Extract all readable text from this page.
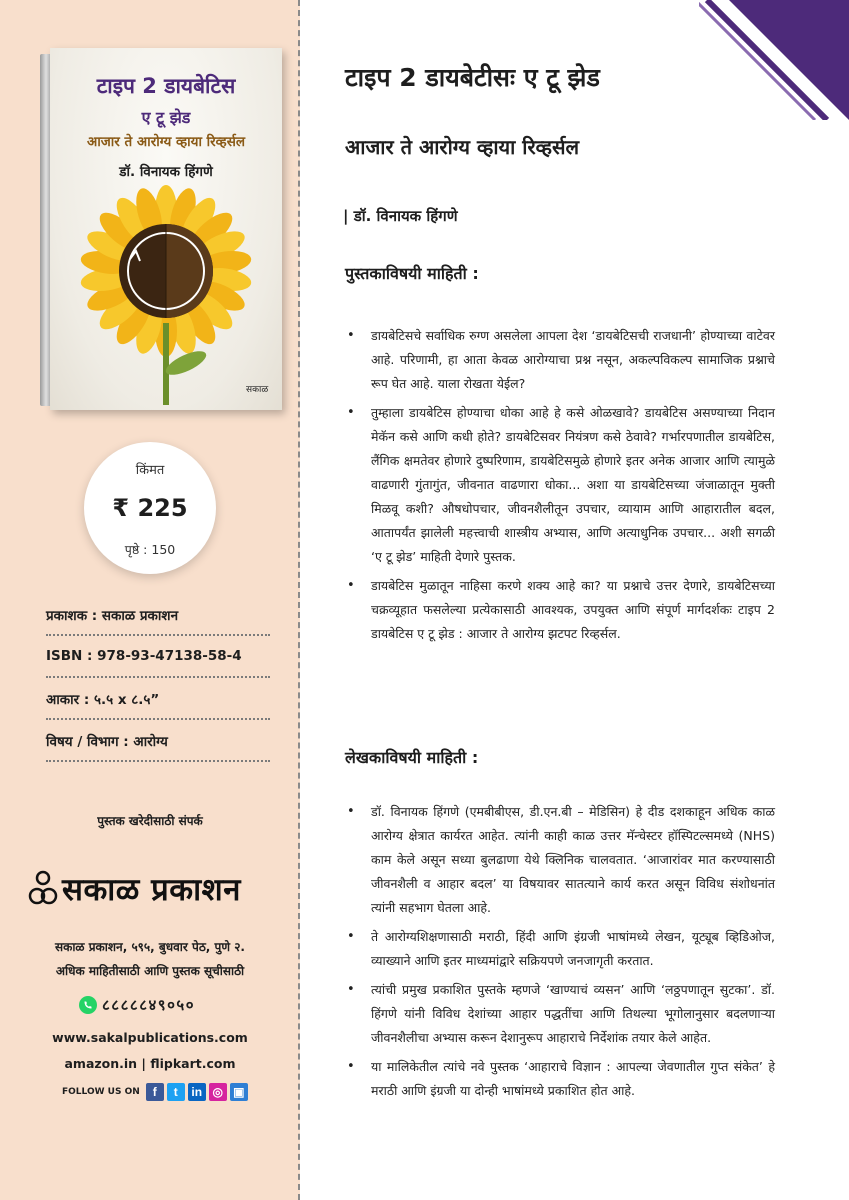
टाइप 2 डायबेटिस
ए टू झेड
आजार ते आरोग्य व्हाया रिव्हर्सल
डॉ. विनायक हिंगणे
सकाळ
किंमत
₹ 225
पृष्ठे : 150
प्रकाशक : सकाळ प्रकाशन
ISBN : 978-93-47138-58-4
आकार : ५.५ x ८.५”
विषय / विभाग : आरोग्य
पुस्तक खरेदीसाठी संपर्क
सकाळ प्रकाशन
सकाळ प्रकाशन, ५९५, बुधवार पेठ, पुणे २.
अधिक माहितीसाठी आणि पुस्तक सूचीसाठी
८८८८८४९०५०
www.sakalpublications.com
amazon.in | flipkart.com
FOLLOW US ON	f	t	in ◎ ▣
टाइप 2 डायबेटीसः ए टू झेड
आजार ते आरोग्य व्हाया रिव्हर्सल
| डॉ. विनायक हिंगणे
पुस्तकाविषयी माहिती :
• डायबेटिसचे सर्वाधिक रुग्ण असलेला आपला देश ‘डायबेटिसची राजधानी’ होण्याच्या वाटेवर आहे. परिणामी, हा आता केवळ आरोग्याचा प्रश्न नसून, अकल्पविकल्प सामाजिक प्रश्नाचे रूप घेत आहे. याला रोखता येईल?
• तुम्हाला डायबेटिस होण्याचा धोका आहे हे कसे ओळखावे? डायबेटिस असण्याच्या निदान मेकॅन कसे आणि कधी होते? डायबेटिसवर नियंत्रण कसे ठेवावे? गर्भारपणातील डायबेटिस, लैंगिक क्षमतेवर होणारे दुष्परिणाम, डायबेटिसमुळे होणारे इतर अनेक आजार आणि त्यामुळे वाढणारी गुंतागुंत, जीवनात वाढणारा धोका... अशा या डायबेटिसच्या जंजाळातून मुक्ती मिळवू कशी? औषधोपचार, जीवनशैलीतून उपचार, व्यायाम आणि आहारातील बदल, आतापर्यंत झालेली महत्त्वाची शास्त्रीय अभ्यास, आणि अत्याधुनिक उपचार... अशी सगळी ‘ए टू झेड’ माहिती देणारे पुस्तक.
• डायबेटिस मुळातून नाहिसा करणे शक्य आहे का? या प्रश्नाचे उत्तर देणारे, डायबेटिसच्या चक्रव्यूहात फसलेल्या प्रत्येकासाठी आवश्यक, उपयुक्त आणि संपूर्ण मार्गदर्शकः टाइप 2 डायबेटिस ए टू झेड : आजार ते आरोग्य झटपट रिव्हर्सल.
लेखकाविषयी माहिती :
• डॉ. विनायक हिंगणे (एमबीबीएस, डी.एन.बी – मेडिसिन) हे दीड दशकाहून अधिक काळ आरोग्य क्षेत्रात कार्यरत आहेत. त्यांनी काही काळ उत्तर मॅन्चेस्टर हॉस्पिटल्समध्ये (NHS) काम केले असून सध्या बुलढाणा येथे क्लिनिक चालवतात. ‘आजारांवर मात करण्यासाठी जीवनशैली व आहार बदल’ या विषयावर सातत्याने कार्य करत असून विविध संशोधनांत त्यांनी सहभाग घेतला आहे.
• ते आरोग्यशिक्षणासाठी मराठी, हिंदी आणि इंग्रजी भाषांमध्ये लेखन, यूट्यूब व्हिडिओज, व्याख्याने आणि इतर माध्यमांद्वारे सक्रियपणे जनजागृती करतात.
• त्यांची प्रमुख प्रकाशित पुस्तके म्हणजे ‘खाण्याचं व्यसन’ आणि ‘लठ्ठपणातून सुटका’. डॉ. हिंगणे यांनी विविध देशांच्या आहार पद्धतींचा आणि तिथल्या भूगोलानुसार बदलणाऱ्या जीवनशैलीचा अभ्यास करून देशानुरूप आहाराचे निर्देशांक तयार केले आहेत.
• या मालिकेतील त्यांचे नवे पुस्तक ‘आहाराचे विज्ञान : आपल्या जेवणातील गुप्त संकेत’ हे मराठी आणि इंग्रजी या दोन्ही भाषांमध्ये प्रकाशित होत आहे.
